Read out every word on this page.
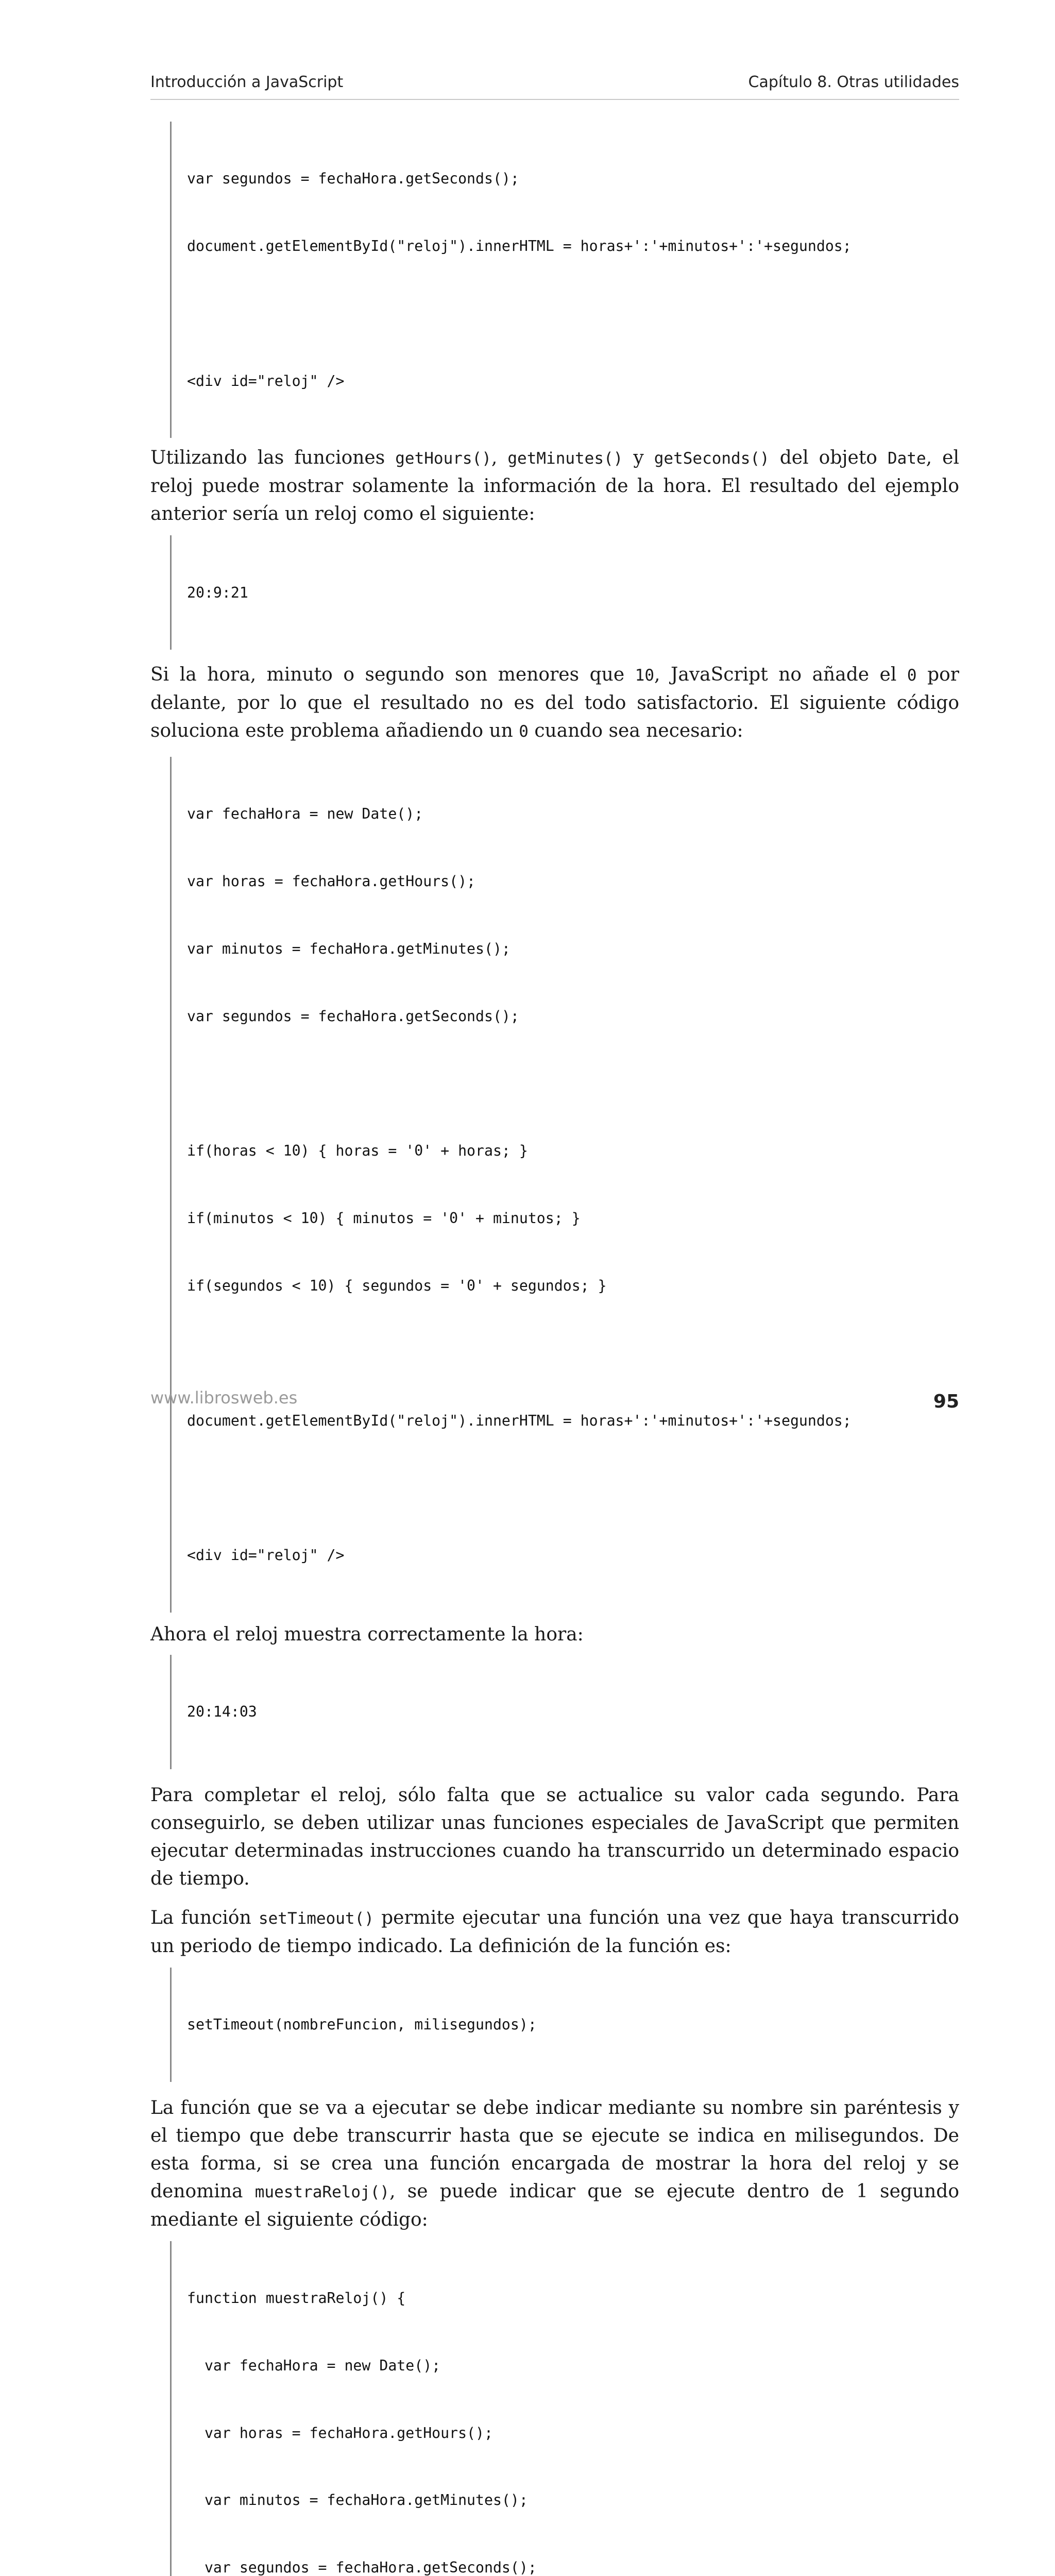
Introducción a JavaScript	Capítulo 8. Otras utilidades

var segundos = fechaHora.getSeconds();

document.getElementById("reloj").innerHTML = horas+':'+minutos+':'+segundos;

<div id="reloj" />

Utilizando las funciones getHours(), getMinutes() y getSeconds() del objeto Date, el reloj puede mostrar solamente la información de la hora. El resultado del ejemplo anterior sería un reloj como el siguiente:

20:9:21

Si la hora, minuto o segundo son menores que 10, JavaScript no añade el 0 por delante, por lo que el resultado no es del todo satisfactorio. El siguiente código soluciona este problema añadiendo un 0 cuando sea necesario:

var fechaHora = new Date();

var horas = fechaHora.getHours();

var minutos = fechaHora.getMinutes();

var segundos = fechaHora.getSeconds();

if(horas < 10) { horas = '0' + horas; }

if(minutos < 10) { minutos = '0' + minutos; }

if(segundos < 10) { segundos = '0' + segundos; }

document.getElementById("reloj").innerHTML = horas+':'+minutos+':'+segundos;

<div id="reloj" />

Ahora el reloj muestra correctamente la hora:

20:14:03

Para completar el reloj, sólo falta que se actualice su valor cada segundo. Para conseguirlo, se deben utilizar unas funciones especiales de JavaScript que permiten ejecutar determinadas instrucciones cuando ha transcurrido un determinado espacio de tiempo.

La función setTimeout() permite ejecutar una función una vez que haya transcurrido un periodo de tiempo indicado. La definición de la función es:

setTimeout(nombreFuncion, milisegundos);

La función que se va a ejecutar se debe indicar mediante su nombre sin paréntesis y el tiempo que debe transcurrir hasta que se ejecute se indica en milisegundos. De esta forma, si se crea una función encargada de mostrar la hora del reloj y se denomina muestraReloj(), se puede indicar que se ejecute dentro de 1 segundo mediante el siguiente código:

function muestraReloj() {

var fechaHora = new Date();

var horas = fechaHora.getHours();

var minutos = fechaHora.getMinutes();

var segundos = fechaHora.getSeconds();

www.librosweb.es	95
